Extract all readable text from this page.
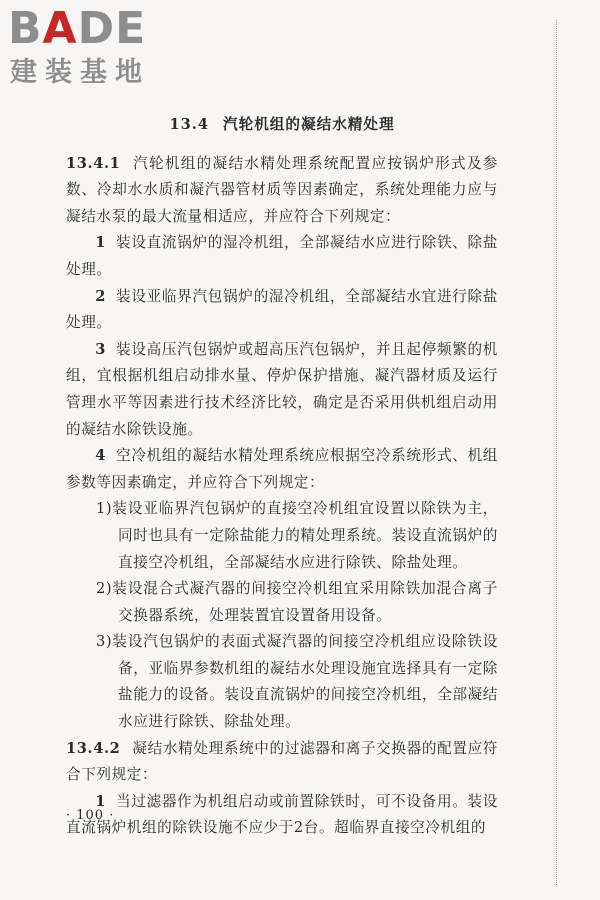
BADE
建装基地
13.4 汽轮机组的凝结水精处理

13.4.1 汽轮机组的凝结水精处理系统配置应按锅炉形式及参数、冷却水水质和凝汽器管材质等因素确定，系统处理能力应与凝结水泵的最大流量相适应，并应符合下列规定：

1 装设直流锅炉的湿冷机组，全部凝结水应进行除铁、除盐处理。

2 装设亚临界汽包锅炉的湿冷机组，全部凝结水宜进行除盐处理。

3 装设高压汽包锅炉或超高压汽包锅炉，并且起停频繁的机组，宜根据机组启动排水量、停炉保护措施、凝汽器材质及运行管理水平等因素进行技术经济比较，确定是否采用供机组启动用的凝结水除铁设施。

4 空冷机组的凝结水精处理系统应根据空冷系统形式、机组参数等因素确定，并应符合下列规定：

1)装设亚临界汽包锅炉的直接空冷机组宜设置以除铁为主，同时也具有一定除盐能力的精处理系统。装设直流锅炉的直接空冷机组，全部凝结水应进行除铁、除盐处理。

2)装设混合式凝汽器的间接空冷机组宜采用除铁加混合离子交换器系统，处理装置宜设置备用设备。

3)装设汽包锅炉的表面式凝汽器的间接空冷机组应设除铁设备，亚临界参数机组的凝结水处理设施宜选择具有一定除盐能力的设备。装设直流锅炉的间接空冷机组，全部凝结水应进行除铁、除盐处理。

13.4.2 凝结水精处理系统中的过滤器和离子交换器的配置应符合下列规定：

1 当过滤器作为机组启动或前置除铁时，可不设备用。装设直流锅炉机组的除铁设施不应少于2台。超临界直接空冷机组的

· 100 ·
